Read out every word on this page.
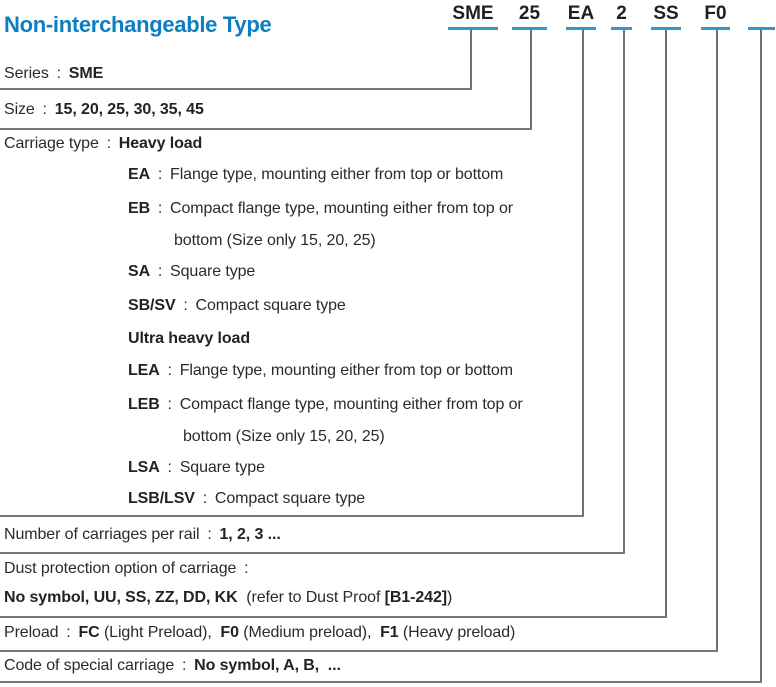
Non-interchangeable Type	SME	25	EA	2	SS	F0
Series : SME
Size : 15, 20, 25, 30, 35, 45
Carriage type : Heavy load
EA : Flange type, mounting either from top or bottom
EB : Compact flange type, mounting either from top or
bottom (Size only 15, 20, 25)
SA : Square type
SB/SV : Compact square type
Ultra heavy load
LEA : Flange type, mounting either from top or bottom
LEB : Compact flange type, mounting either from top or
bottom (Size only 15, 20, 25)
LSA : Square type
LSB/LSV : Compact square type
Number of carriages per rail : 1, 2, 3 ...
Dust protection option of carriage :
No symbol, UU, SS, ZZ, DD, KK  (refer to Dust Proof [B1-242])
Preload : FC (Light Preload),  F0 (Medium preload),  F1 (Heavy preload)
Code of special carriage : No symbol, A, B,  ...
